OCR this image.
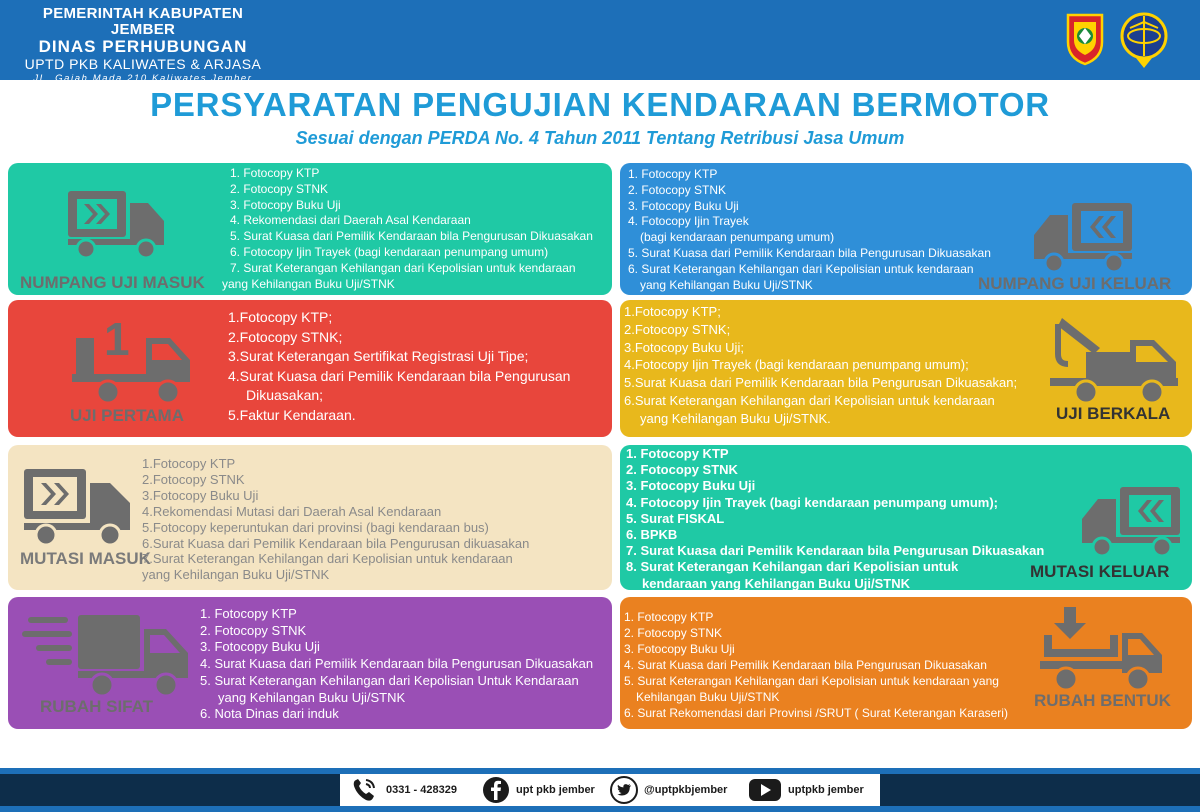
PEMERINTAH KABUPATEN JEMBER
DINAS PERHUBUNGAN
UPTD PKB KALIWATES & ARJASA
JL. Gajah Mada 210 Kaliwates Jember
PERSYARATAN PENGUJIAN KENDARAAN BERMOTOR
Sesuai dengan PERDA No. 4 Tahun 2011 Tentang Retribusi Jasa Umum
NUMPANG UJI MASUK
1. Fotocopy KTP
2. Fotocopy STNK
3. Fotocopy Buku Uji
4. Rekomendasi dari Daerah Asal Kendaraan
5. Surat Kuasa dari Pemilik Kendaraan bila Pengurusan Dikuasakan
6. Fotocopy Ijin Trayek (bagi kendaraan penumpang umum)
7. Surat Keterangan Kehilangan dari Kepolisian untuk kendaraan
yang Kehilangan Buku Uji/STNK	NUMPANG UJI KELUAR
1. Fotocopy KTP
2. Fotocopy STNK
3. Fotocopy Buku Uji
4. Fotocopy Ijin Trayek
(bagi kendaraan penumpang umum)
5. Surat Kuasa dari Pemilik Kendaraan bila Pengurusan Dikuasakan
6. Surat Keterangan Kehilangan dari Kepolisian untuk kendaraan
yang Kehilangan Buku Uji/STNK
1
UJI PERTAMA
1.Fotocopy KTP;
2.Fotocopy STNK;
3.Surat Keterangan Sertifikat Registrasi Uji Tipe;
4.Surat Kuasa dari Pemilik Kendaraan bila Pengurusan
Dikuasakan;
5.Faktur Kendaraan.	UJI BERKALA
1.Fotocopy KTP;
2.Fotocopy STNK;
3.Fotocopy Buku Uji;
4.Fotocopy Ijin Trayek (bagi kendaraan penumpang umum);
5.Surat Kuasa dari Pemilik Kendaraan bila Pengurusan Dikuasakan;
6.Surat Keterangan Kehilangan dari Kepolisian untuk kendaraan
yang Kehilangan Buku Uji/STNK.
MUTASI MASUK
1.Fotocopy KTP
2.Fotocopy STNK
3.Fotocopy Buku Uji
4.Rekomendasi Mutasi dari Daerah Asal Kendaraan
5.Fotocopy keperuntukan dari provinsi (bagi kendaraan bus)
6.Surat Kuasa dari Pemilik Kendaraan bila Pengurusan dikuasakan
7.Surat Keterangan Kehilangan dari Kepolisian untuk kendaraan
yang Kehilangan Buku Uji/STNK	MUTASI KELUAR
1. Fotocopy KTP
2. Fotocopy STNK
3. Fotocopy Buku Uji
4. Fotocopy Ijin Trayek (bagi kendaraan penumpang umum);
5. Surat FISKAL
6. BPKB
7. Surat Kuasa dari Pemilik Kendaraan bila Pengurusan Dikuasakan
8. Surat Keterangan Kehilangan dari Kepolisian untuk
kendaraan yang Kehilangan Buku Uji/STNK
RUBAH SIFAT
1. Fotocopy KTP
2. Fotocopy STNK
3. Fotocopy Buku Uji
4. Surat Kuasa dari Pemilik Kendaraan bila Pengurusan Dikuasakan
5. Surat Keterangan Kehilangan dari Kepolisian Untuk Kendaraan
yang Kehilangan Buku Uji/STNK
6. Nota Dinas dari induk
RUBAH BENTUK
1. Fotocopy KTP
2. Fotocopy STNK
3. Fotocopy Buku Uji
4. Surat Kuasa dari Pemilik Kendaraan bila Pengurusan Dikuasakan
5. Surat Keterangan Kehilangan dari Kepolisian untuk kendaraan yang
Kehilangan Buku Uji/STNK
6. Surat Rekomendasi dari Provinsi /SRUT ( Surat Keterangan Karaseri)
0331 - 428329	upt pkb jember	@uptpkbjember	uptpkb jember
